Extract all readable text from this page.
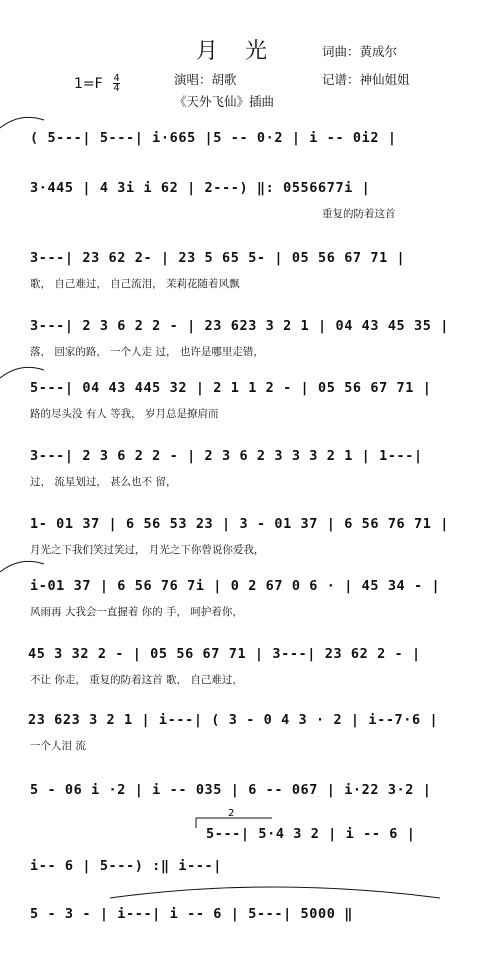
月 光	词曲：黄成尔
演唱：胡歌	记谱：神仙姐姐
1=F 4
4
《天外飞仙》插曲
( 5---| 5---| i·665 |5 -- 0·2 | i -- 0i2 |
3·445 | 4 3i i 62 | 2---) ‖: 0556677i |
重复的防着这首
3---| 23 62 2- | 23 5 65 5- | 05 56 67 71 |
歌， 自己难过， 自己流泪， 茉莉花随着风飘
3---| 2 3 6 2 2 - | 23 623 3 2 1 | 04 43 45 35 |
落， 回家的路， 一个人走 过， 也许是哪里走错，
5---| 04 43 445 32 | 2 1 1 2 - | 05 56 67 71 |
路的尽头没 有人 等我， 岁月总是撩肩而
3---| 2 3 6 2 2 - | 2 3 6 2 3 3 3 2 1 | 1---|
过， 流星划过， 甚么也不 留，
1- 01 37 | 6 56 53 23 | 3 - 01 37 | 6 56 76 71 |
月光之下我们笑过笑过， 月光之下你曾说你爱我，
i-01 37 | 6 56 76 7i | 0 2 67 0 6 · | 45 34 - |
风雨再 大我会一直握着 你的 手， 呵护着你，
45 3 32 2 - | 05 56 67 71 | 3---| 23 62 2 - |
不让 你走， 重复的防着这首 歌， 自己难过，
23 623 3 2 1 | i---| ( 3 - 0 4 3 · 2 | i--7·6 |
一个人泪 流
5 - 06 i ·2 | i -- 035 | 6 -- 067 | i·22 3·2 |
5---| 5·4 3 2 | i -- 6 |
i-- 6 | 5---) :‖ i---|
5 - 3 - | i---| i -- 6 | 5---| 5000 ‖
2
